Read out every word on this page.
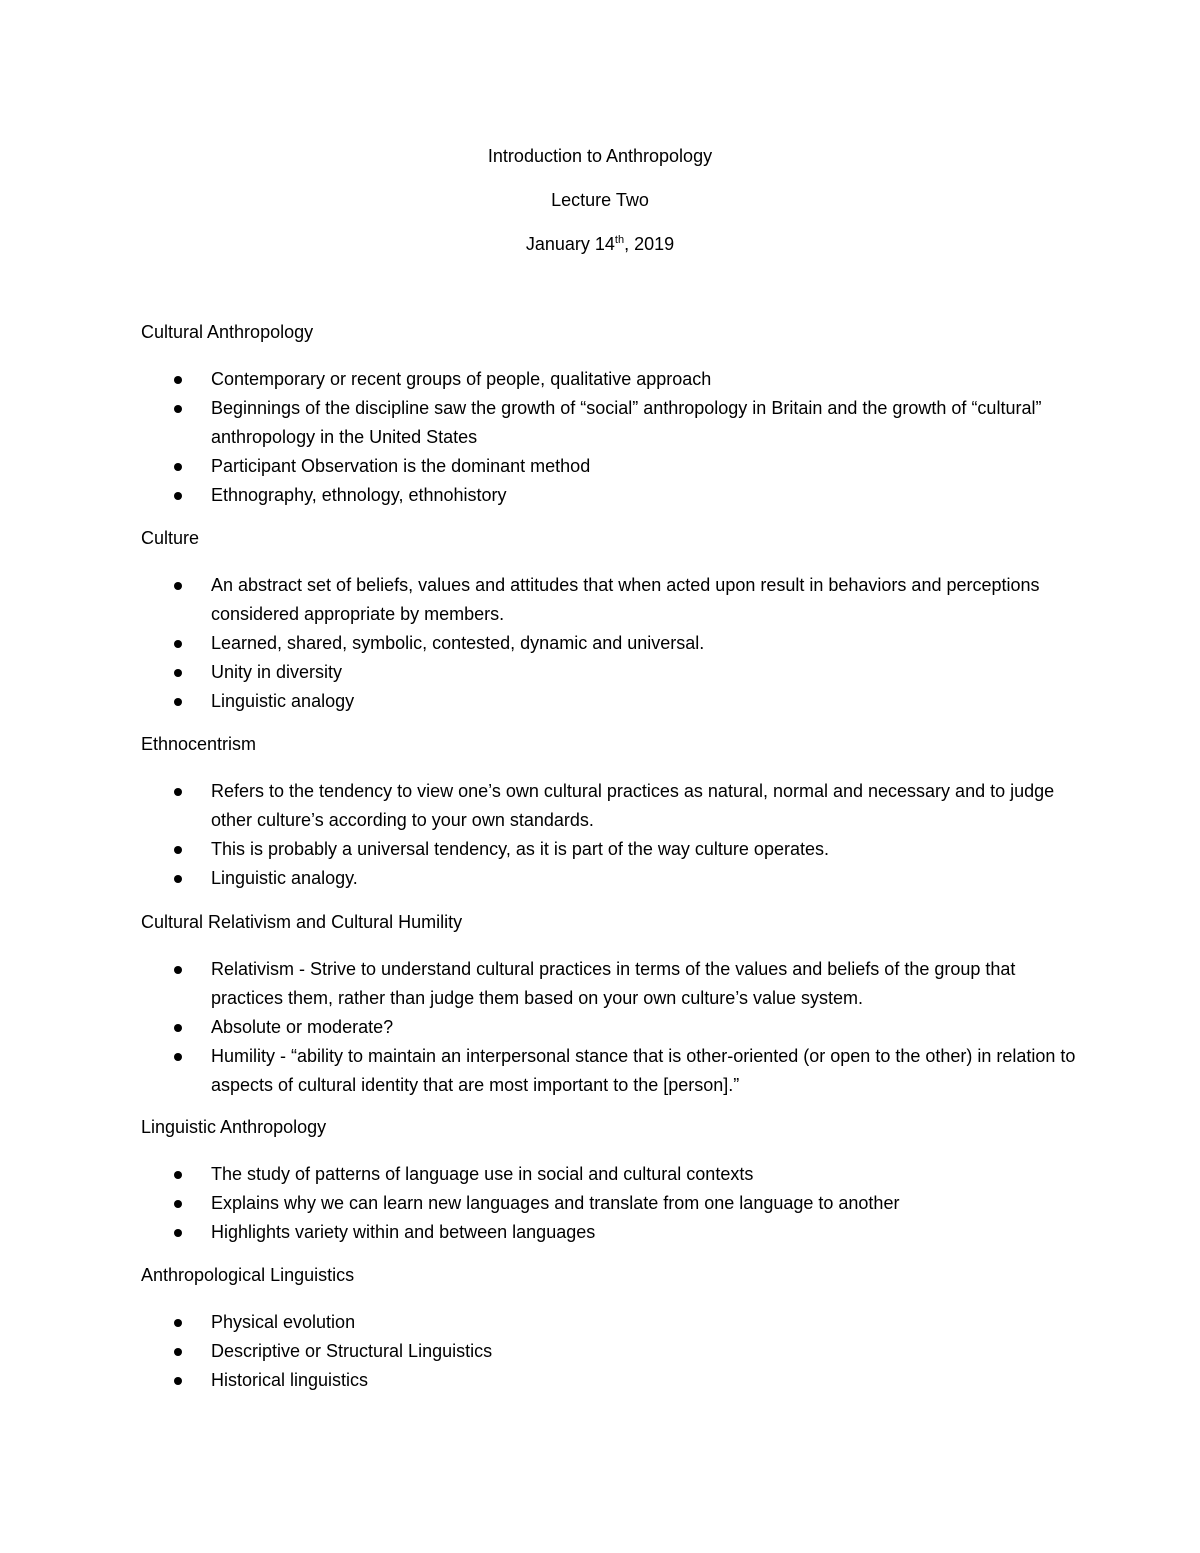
Introduction to Anthropology
Lecture Two
January 14th, 2019

Cultural Anthropology

Contemporary or recent groups of people, qualitative approach
Beginnings of the discipline saw the growth of “social” anthropology in Britain and the growth of “cultural” anthropology in the United States
Participant Observation is the dominant method
Ethnography, ethnology, ethnohistory

Culture

An abstract set of beliefs, values and attitudes that when acted upon result in behaviors and perceptions considered appropriate by members.
Learned, shared, symbolic, contested, dynamic and universal.
Unity in diversity
Linguistic analogy

Ethnocentrism

Refers to the tendency to view one’s own cultural practices as natural, normal and necessary and to judge other culture’s according to your own standards.
This is probably a universal tendency, as it is part of the way culture operates.
Linguistic analogy.

Cultural Relativism and Cultural Humility

Relativism - Strive to understand cultural practices in terms of the values and beliefs of the group that practices them, rather than judge them based on your own culture’s value system.
Absolute or moderate?
Humility - “ability to maintain an interpersonal stance that is other-oriented (or open to the other) in relation to aspects of cultural identity that are most important to the [person].”

Linguistic Anthropology

The study of patterns of language use in social and cultural contexts
Explains why we can learn new languages and translate from one language to another
Highlights variety within and between languages

Anthropological Linguistics

Physical evolution
Descriptive or Structural Linguistics
Historical linguistics
